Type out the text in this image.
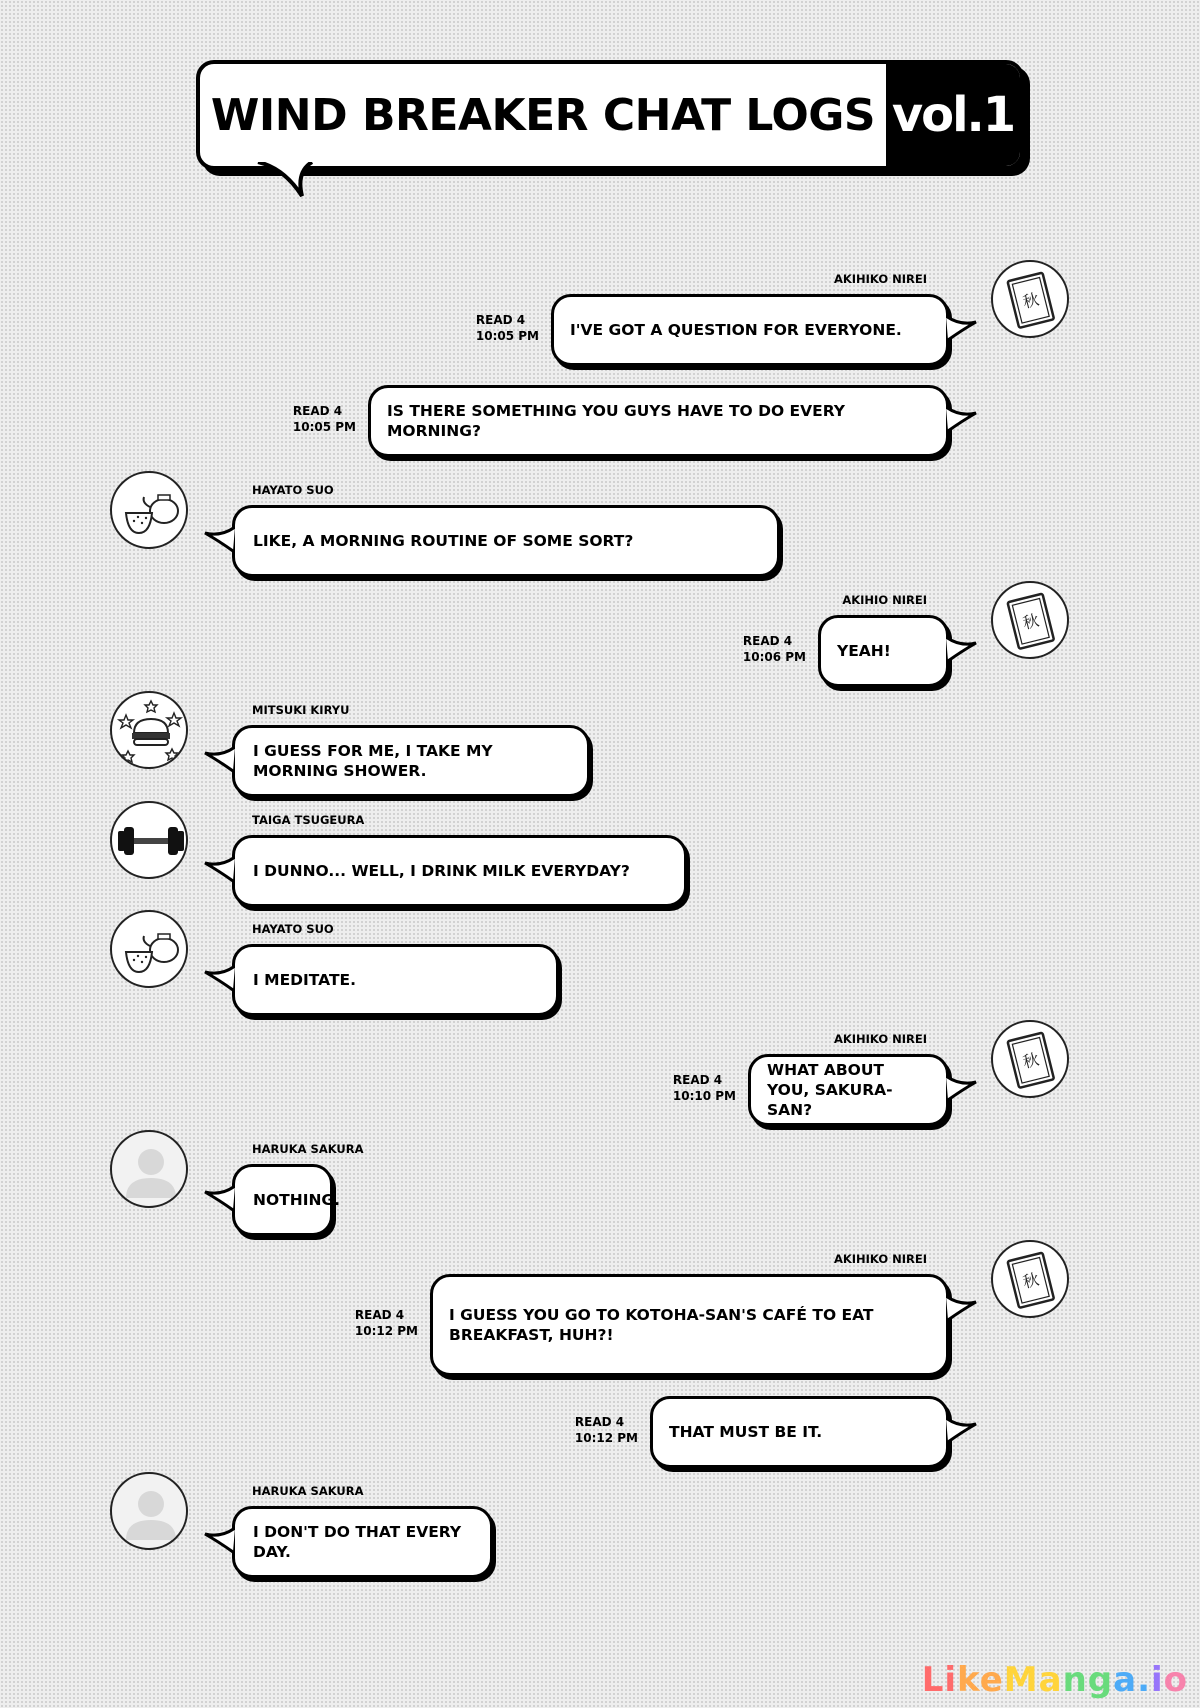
WIND BREAKER CHAT LOGS vol.1
I'VE GOT A QUESTION FOR EVERYONE.
AKIHIKO NIREI
READ 4
10:05 PM
秋
IS THERE SOMETHING YOU GUYS HAVE TO DO EVERY MORNING?
READ 4
10:05 PM
LIKE, A MORNING ROUTINE OF SOME SORT?
HAYATO SUO
YEAH!
AKIHIO NIREI
READ 4
10:06 PM
秋
I GUESS FOR ME, I TAKE MY MORNING SHOWER.
MITSUKI KIRYU
I DUNNO... WELL, I DRINK MILK EVERYDAY?
TAIGA TSUGEURA
I MEDITATE.
HAYATO SUO
WHAT ABOUT YOU, SAKURA-SAN?
AKIHIKO NIREI
READ 4
10:10 PM
秋
NOTHING.
HARUKA SAKURA
I GUESS YOU GO TO KOTOHA-SAN'S CAFÉ TO EAT BREAKFAST, HUH?!
AKIHIKO NIREI
READ 4
10:12 PM
秋
THAT MUST BE IT.
READ 4
10:12 PM
I DON'T DO THAT EVERY DAY.
HARUKA SAKURA
LikeManga.io
